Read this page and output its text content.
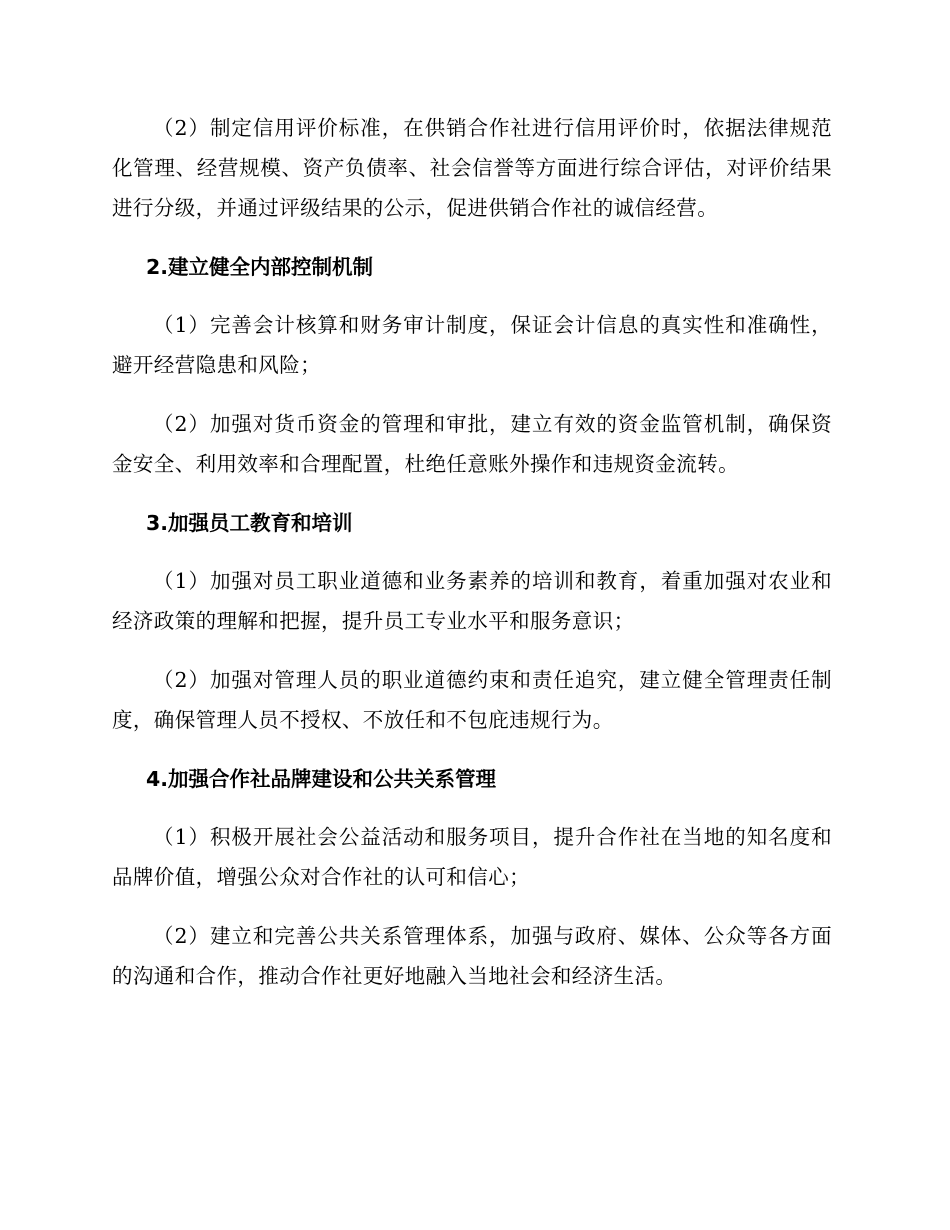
（2）制定信用评价标准，在供销合作社进行信用评价时，依据法律规范化管理、经营规模、资产负债率、社会信誉等方面进行综合评估，对评价结果进行分级，并通过评级结果的公示，促进供销合作社的诚信经营。

2.建立健全内部控制机制

（1）完善会计核算和财务审计制度，保证会计信息的真实性和准确性，避开经营隐患和风险；

（2）加强对货币资金的管理和审批，建立有效的资金监管机制，确保资金安全、利用效率和合理配置，杜绝任意账外操作和违规资金流转。

3.加强员工教育和培训

（1）加强对员工职业道德和业务素养的培训和教育，着重加强对农业和经济政策的理解和把握，提升员工专业水平和服务意识；

（2）加强对管理人员的职业道德约束和责任追究，建立健全管理责任制度，确保管理人员不授权、不放任和不包庇违规行为。

4.加强合作社品牌建设和公共关系管理

（1）积极开展社会公益活动和服务项目，提升合作社在当地的知名度和品牌价值，增强公众对合作社的认可和信心；

（2）建立和完善公共关系管理体系，加强与政府、媒体、公众等各方面的沟通和合作，推动合作社更好地融入当地社会和经济生活。
